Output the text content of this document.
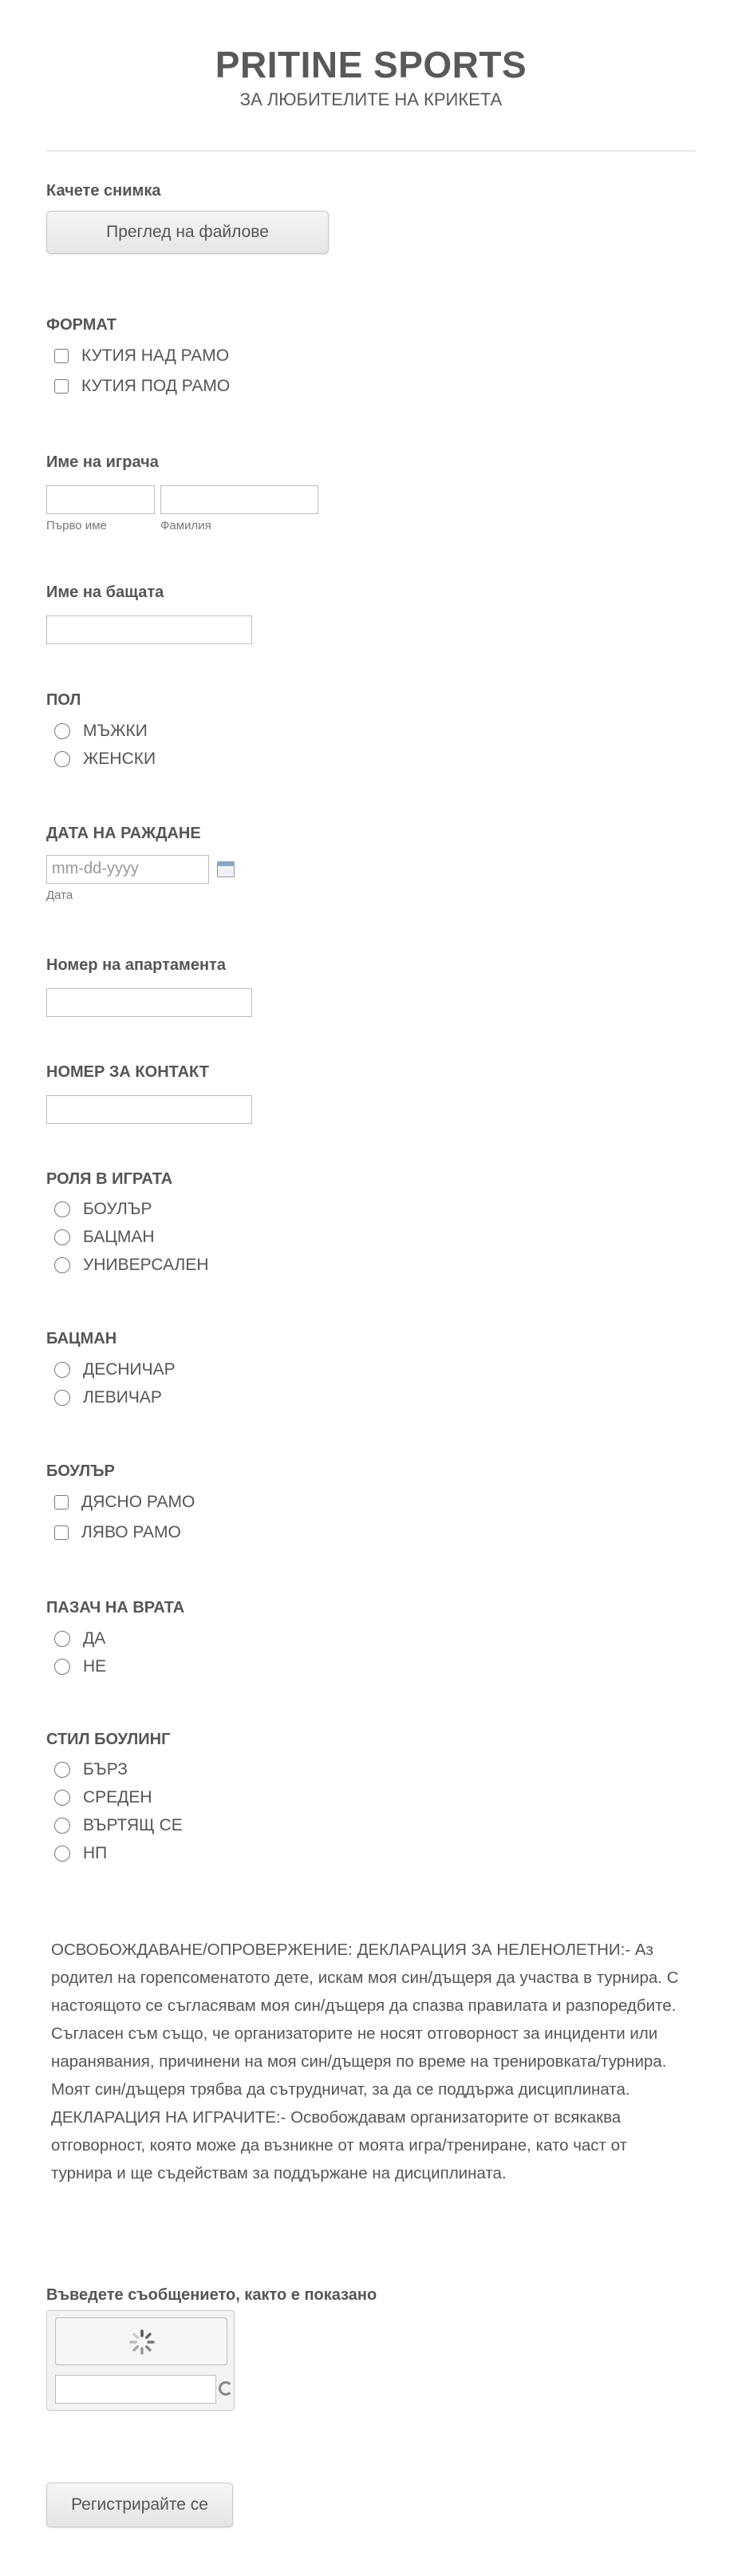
PRITINE SPORTS
ЗА ЛЮБИТЕЛИТЕ НА КРИКЕТА
Качете снимка
Преглед на файлове
ФОРМАТ
КУТИЯ НАД РАМО
КУТИЯ ПОД РАМО
Име на играча
Първо име	Фамилия
Име на бащата
ПОЛ
МЪЖКИ
ЖЕНСКИ
ДАТА НА РАЖДАНЕ
mm-dd-yyyy
Дата
Номер на апартамента
НОМЕР ЗА КОНТАКТ
РОЛЯ В ИГРАТА
БОУЛЪР
БАЦМАН
УНИВЕРСАЛЕН
БАЦМАН
ДЕСНИЧАР
ЛЕВИЧАР
БОУЛЪР
ДЯСНО РАМО
ЛЯВО РАМО
ПАЗАЧ НА ВРАТА
ДА
НЕ
СТИЛ БОУЛИНГ
БЪРЗ
СРЕДЕН
ВЪРТЯЩ СЕ
НП
ОСВОБОЖДАВАНЕ/ОПРОВЕРЖЕНИЕ: ДЕКЛАРАЦИЯ ЗА НЕЛЕНОЛЕТНИ:- Аз родител на горепсоменатото дете, искам моя син/дъщеря да участва в турнира. С настоящото се съгласявам моя син/дъщеря да спазва правилата и разпоредбите. Съгласен съм също, че организаторите не носят отговорност за инциденти или наранявания, причинени на моя син/дъщеря по време на тренировката/турнира. Моят син/дъщеря трябва да сътрудничат, за да се поддържа дисциплината. ДЕКЛАРАЦИЯ НА ИГРАЧИТЕ:- Освобождавам организаторите от всякаква отговорност, която може да възникне от моята игра/трениране, като част от турнира и ще съдействам за поддържане на дисциплината.
Въведете съобщението, както е показано
Регистрирайте се
